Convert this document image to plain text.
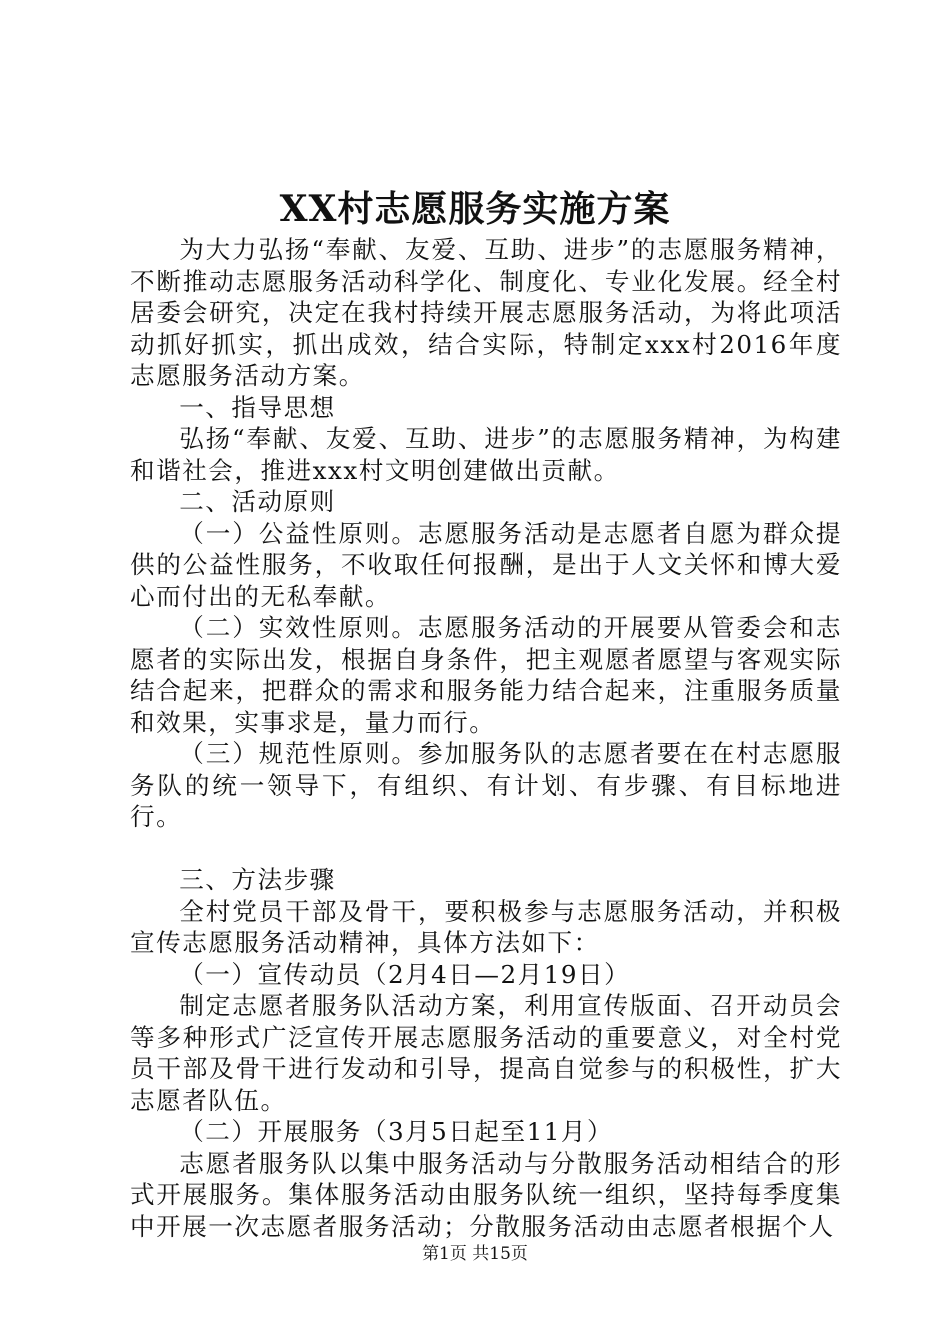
XX村志愿服务实施方案

为大力弘扬“奉献、友爱、互助、进步”的志愿服务精神，不断推动志愿服务活动科学化、制度化、专业化发展。经全村居委会研究，决定在我村持续开展志愿服务活动，为将此项活动抓好抓实，抓出成效，结合实际，特制定xxx村2016年度志愿服务活动方案。

一、指导思想

弘扬“奉献、友爱、互助、进步”的志愿服务精神，为构建和谐社会，推进xxx村文明创建做出贡献。

二、活动原则

（一）公益性原则。志愿服务活动是志愿者自愿为群众提供的公益性服务，不收取任何报酬，是出于人文关怀和博大爱心而付出的无私奉献。

（二）实效性原则。志愿服务活动的开展要从管委会和志愿者的实际出发，根据自身条件，把主观愿者愿望与客观实际结合起来，把群众的需求和服务能力结合起来，注重服务质量和效果，实事求是，量力而行。

（三）规范性原则。参加服务队的志愿者要在在村志愿服务队的统一领导下，有组织、有计划、有步骤、有目标地进行。

三、方法步骤

全村党员干部及骨干，要积极参与志愿服务活动，并积极宣传志愿服务活动精神，具体方法如下：

（一）宣传动员（2月4日—2月19日）

制定志愿者服务队活动方案，利用宣传版面、召开动员会等多种形式广泛宣传开展志愿服务活动的重要意义，对全村党员干部及骨干进行发动和引导，提高自觉参与的积极性，扩大志愿者队伍。

（二）开展服务（3月5日起至11月）

志愿者服务队以集中服务活动与分散服务活动相结合的形式开展服务。集体服务活动由服务队统一组织，坚持每季度集中开展一次志愿者服务活动；分散服务活动由志愿者根据个人

第1页 共15页
